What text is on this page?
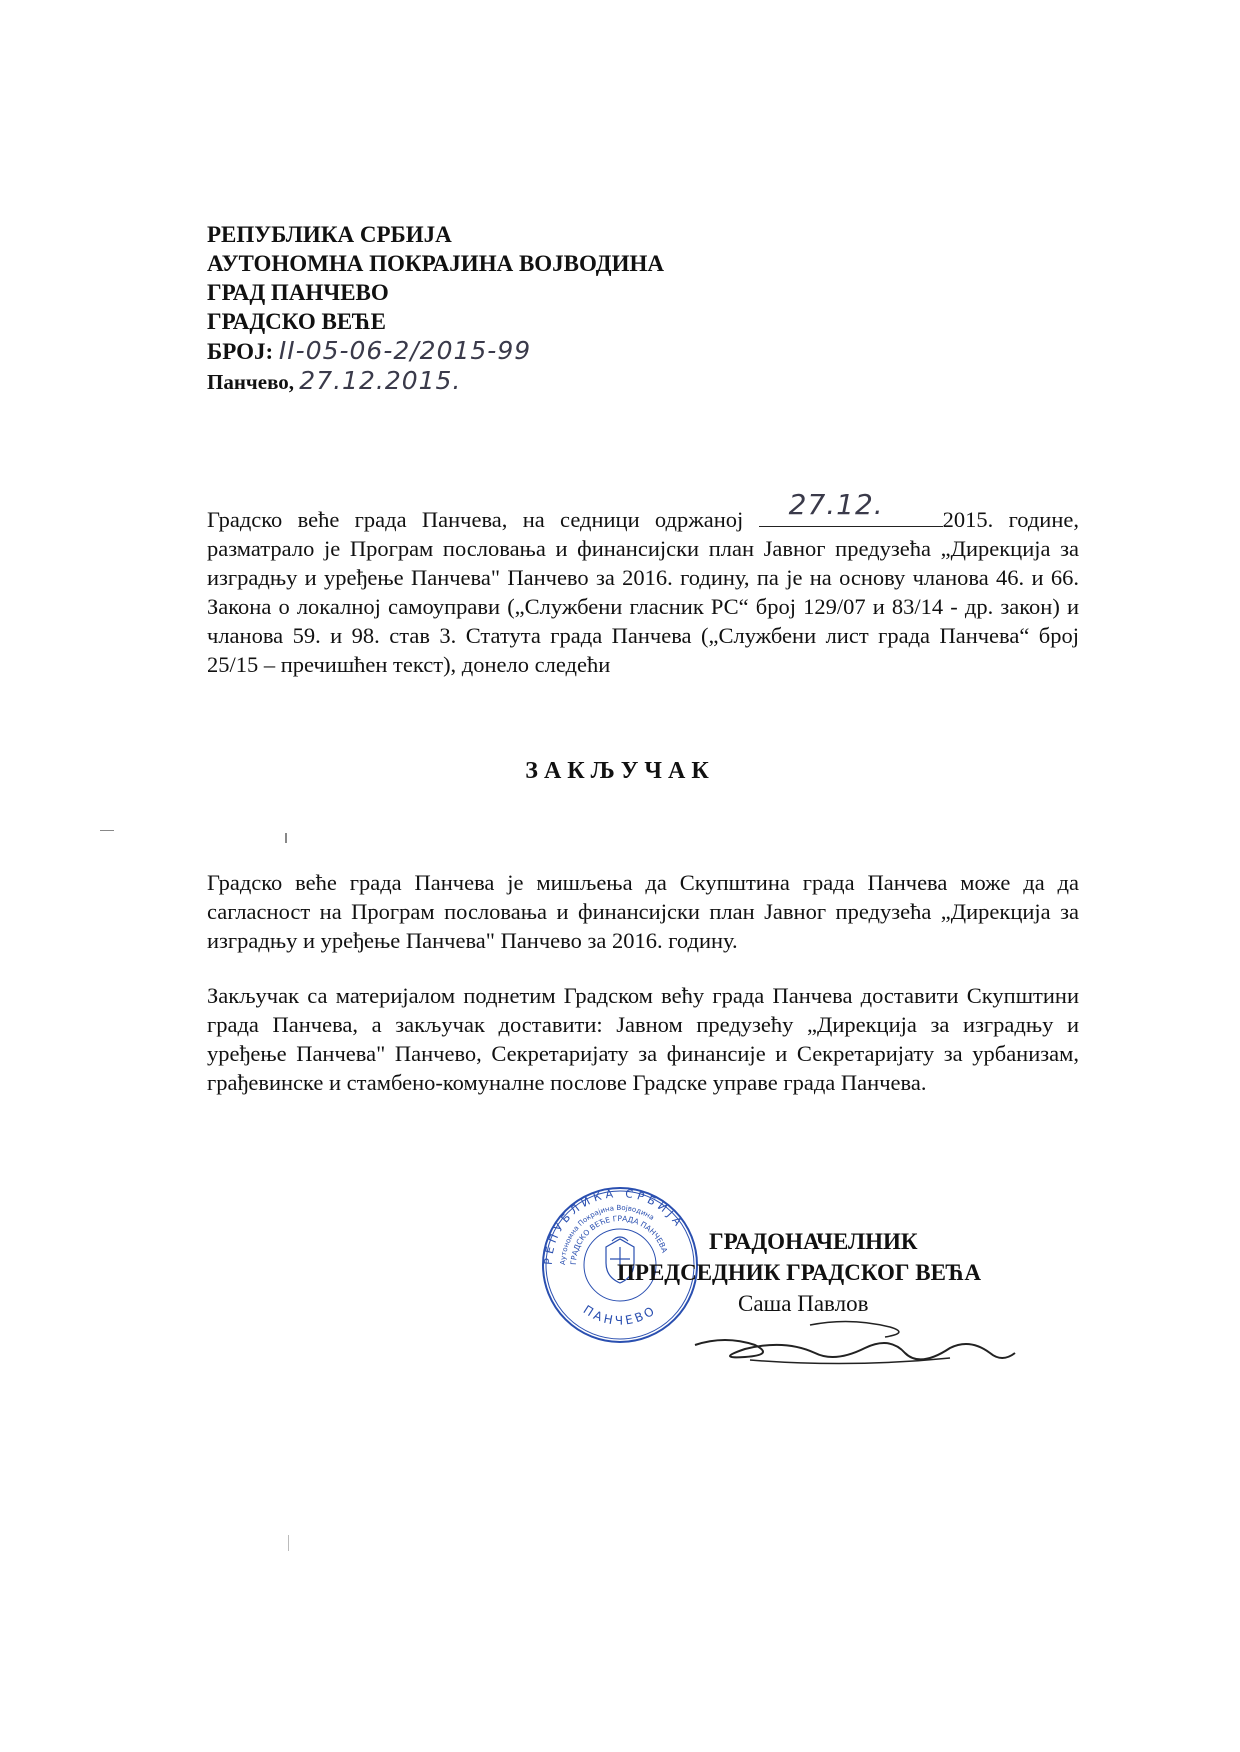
РЕПУБЛИКА СРБИЈА
АУТОНОМНА ПОКРАЈИНА ВОЈВОДИНА
ГРАД ПАНЧЕВО
ГРАДСКО ВЕЋЕ
БРОЈ: II-05-06-2/2015-99
Панчево, 27.12.2015.
Градско веће града Панчева, на седници одржаној 27.12.	2015. године, разматрало је Програм пословања и финансијски план Јавног предузећа „Дирекција за изградњу и уређење Панчева" Панчево за 2016. годину, па је на основу чланова 46. и 66. Закона о локалној самоуправи („Службени гласник РС“ број 129/07 и 83/14 - др. закон) и чланова 59. и 98. став 3. Статута града Панчева („Службени лист града Панчева“ број 25/15 – пречишћен текст), донело следећи
ЗАКЉУЧАК
Градско веће града Панчева је мишљења да Скупштина града Панчева може да да сагласност на Програм пословања и финансијски план Јавног предузећа „Дирекција за изградњу и уређење Панчева" Панчево за 2016. годину.
Закључак са материјалом поднетим Градском већу града Панчева доставити Скупштини града Панчева, а закључак доставити: Јавном предузећу „Дирекција за изградњу и уређење Панчева" Панчево, Секретаријату за финансије и Секретаријату за урбанизам, грађевинске и стамбено-комуналне послове Градске управе града Панчева.
РЕПУБЛИКА СРБИЈА
Аутономна Покрајина Војводина
ГРАДСКО ВЕЋЕ ГРАДА ПАНЧЕВА
ПАНЧЕВО
ГРАДОНАЧЕЛНИК
ПРЕДСЕДНИК ГРАДСКОГ ВЕЋА
Саша Павлов
